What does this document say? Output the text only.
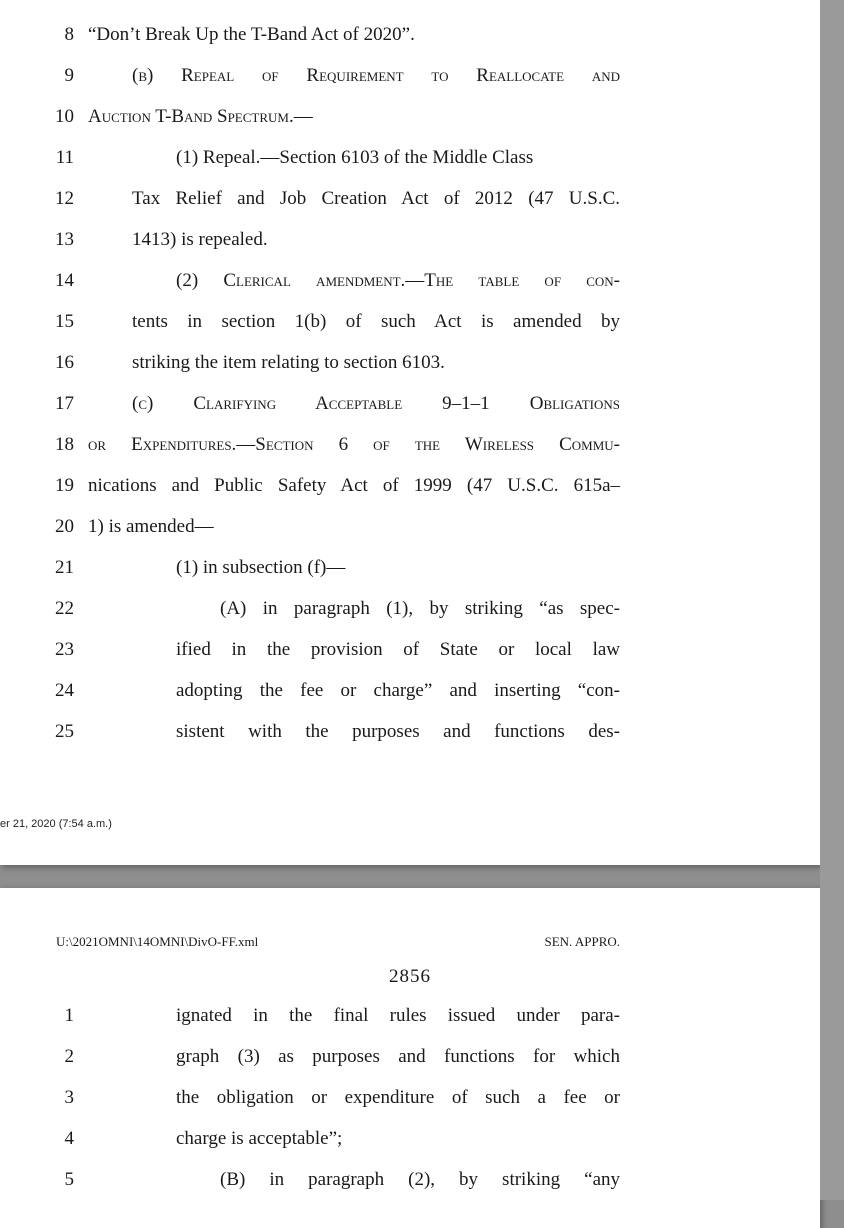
8 “Don’t Break Up the T-Band Act of 2020”.
9	(b) Repeal of Requirement to Reallocate and
10 Auction T-Band Spectrum.—
11	(1) Repeal.—Section 6103 of the Middle Class
12	Tax Relief and Job Creation Act of 2012 (47 U.S.C.
13	1413) is repealed.
14	(2) Clerical amendment.—The table of con-
15	tents in section 1(b) of such Act is amended by
16	striking the item relating to section 6103.
17	(c) Clarifying Acceptable 9–1–1 Obligations
18 or Expenditures.—Section 6 of the Wireless Commu-
19 nications and Public Safety Act of 1999 (47 U.S.C. 615a–
20 1) is amended—
21	(1) in subsection (f)—
22	(A) in paragraph (1), by striking “as spec-
23	ified in the provision of State or local law
24	adopting the fee or charge” and inserting “con-
25	sistent with the purposes and functions des-
er 21, 2020 (7:54 a.m.)
U:\2021OMNI\14OMNI\DivO-FF.xml	SEN. APPRO.
2856
1	ignated in the final rules issued under para-
2	graph (3) as purposes and functions for which
3	the obligation or expenditure of such a fee or
4	charge is acceptable”;
5	(B) in paragraph (2), by striking “any
